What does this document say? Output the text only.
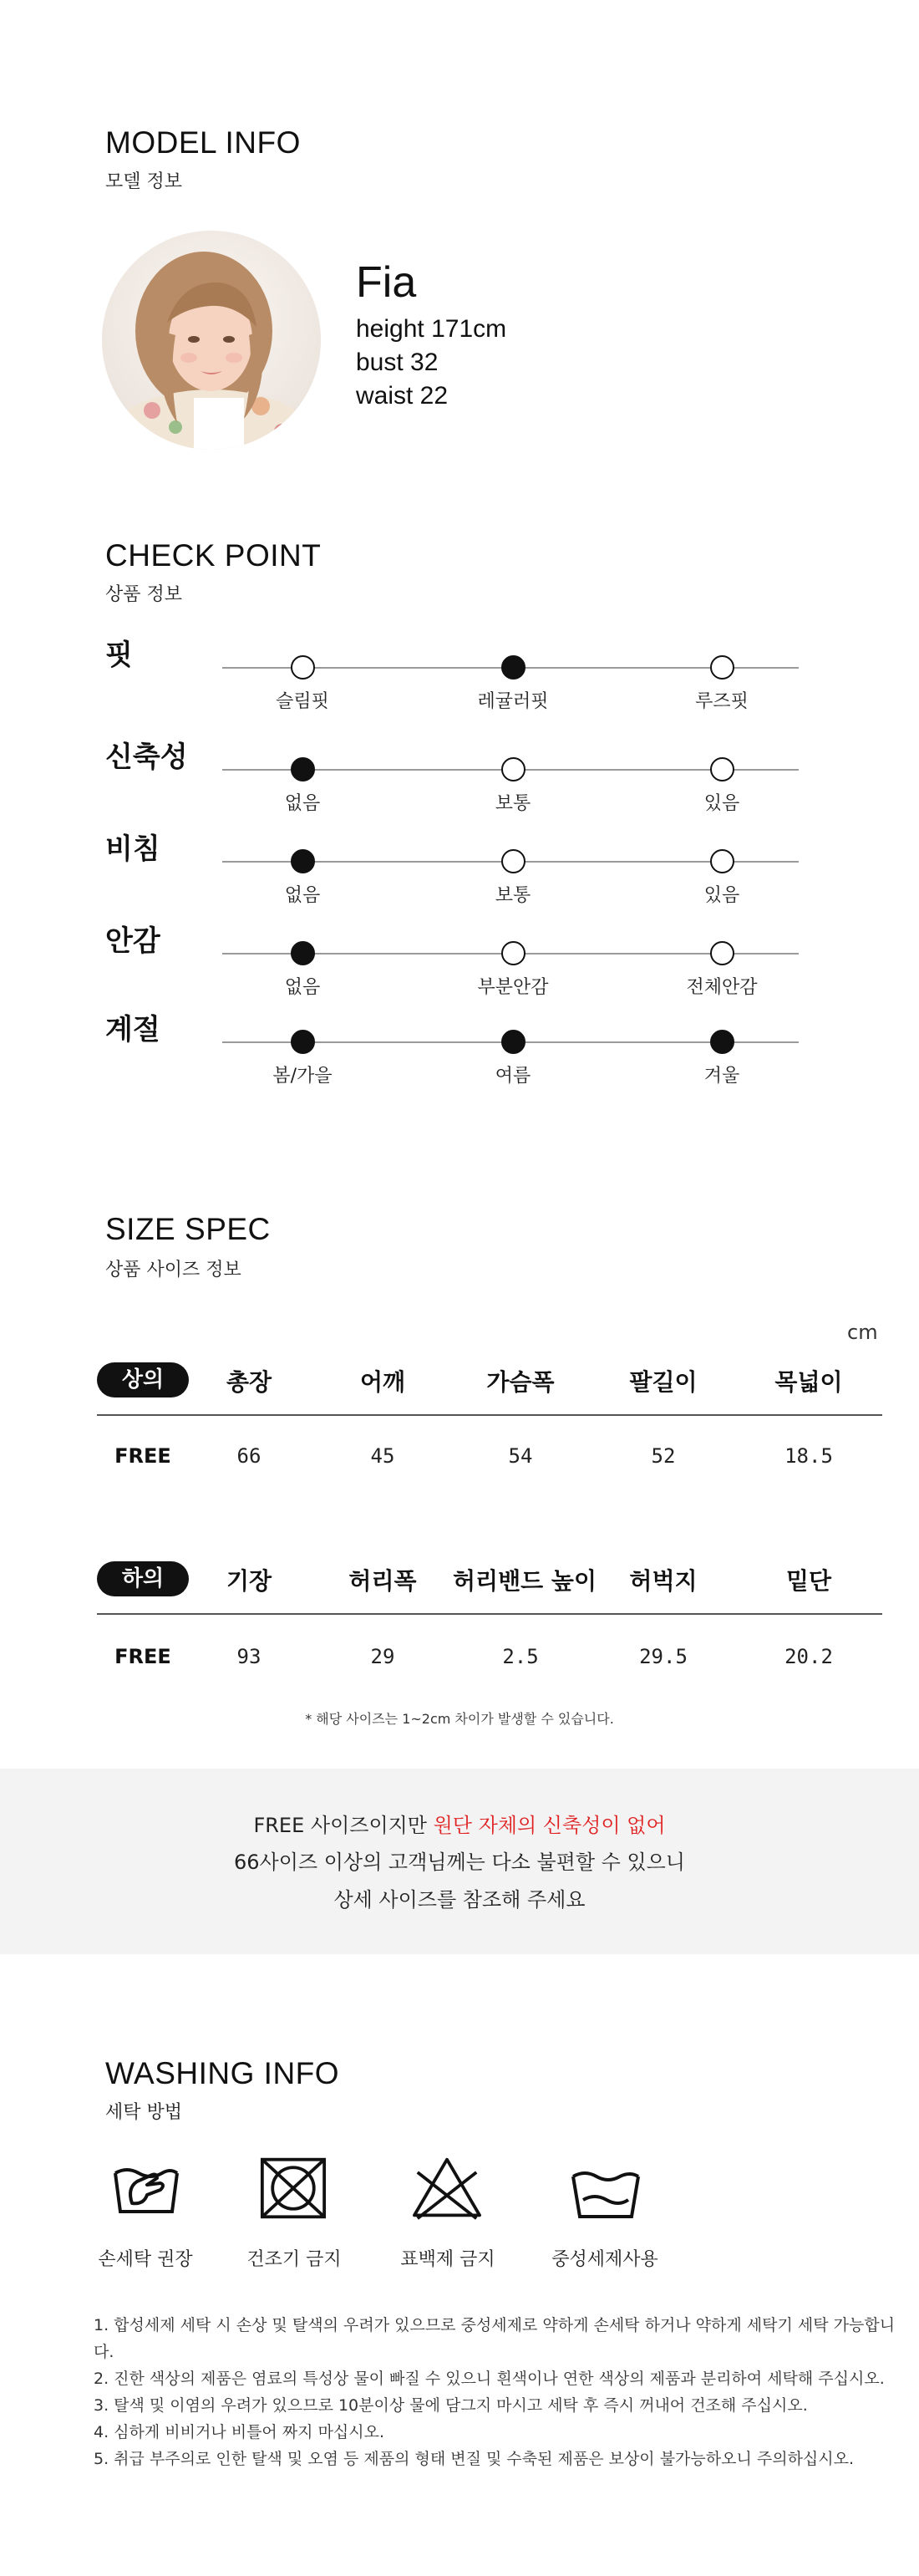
MODEL INFO
모델 정보
Fia
height 171cm
bust 32
waist 22
CHECK POINT
상품 정보
핏
슬림핏	레귤러핏	루즈핏
신축성
없음	보통	있음
비침
없음	보통	있음
안감
없음	부분안감	전체안감
계절
봄/가을	여름	겨울
SIZE SPEC
상품 사이즈 정보
cm
상의	총장	어깨	가슴폭	팔길이	목넓이
FREE	66	45	54	52	18.5
하의	기장	허리폭	허리밴드 높이	허벅지	밑단
FREE	93	29	2.5	29.5	20.2
* 해당 사이즈는 1~2cm 차이가 발생할 수 있습니다.
FREE 사이즈이지만 원단 자체의 신축성이 없어
66사이즈 이상의 고객님께는 다소 불편할 수 있으니
상세 사이즈를 참조해 주세요
WASHING INFO
세탁 방법
손세탁 권장	건조기 금지	표백제 금지	중성세제사용
1. 합성세제 세탁 시 손상 및 탈색의 우려가 있으므로 중성세제로 약하게 손세탁 하거나 약하게 세탁기 세탁 가능합니다.
2. 진한 색상의 제품은 염료의 특성상 물이 빠질 수 있으니 흰색이나 연한 색상의 제품과 분리하여 세탁해 주십시오.
3. 탈색 및 이염의 우려가 있으므로 10분이상 물에 담그지 마시고 세탁 후 즉시 꺼내어 건조해 주십시오.
4. 심하게 비비거나 비틀어 짜지 마십시오.
5. 취급 부주의로 인한 탈색 및 오염 등 제품의 형태 변질 및 수축된 제품은 보상이 불가능하오니 주의하십시오.
